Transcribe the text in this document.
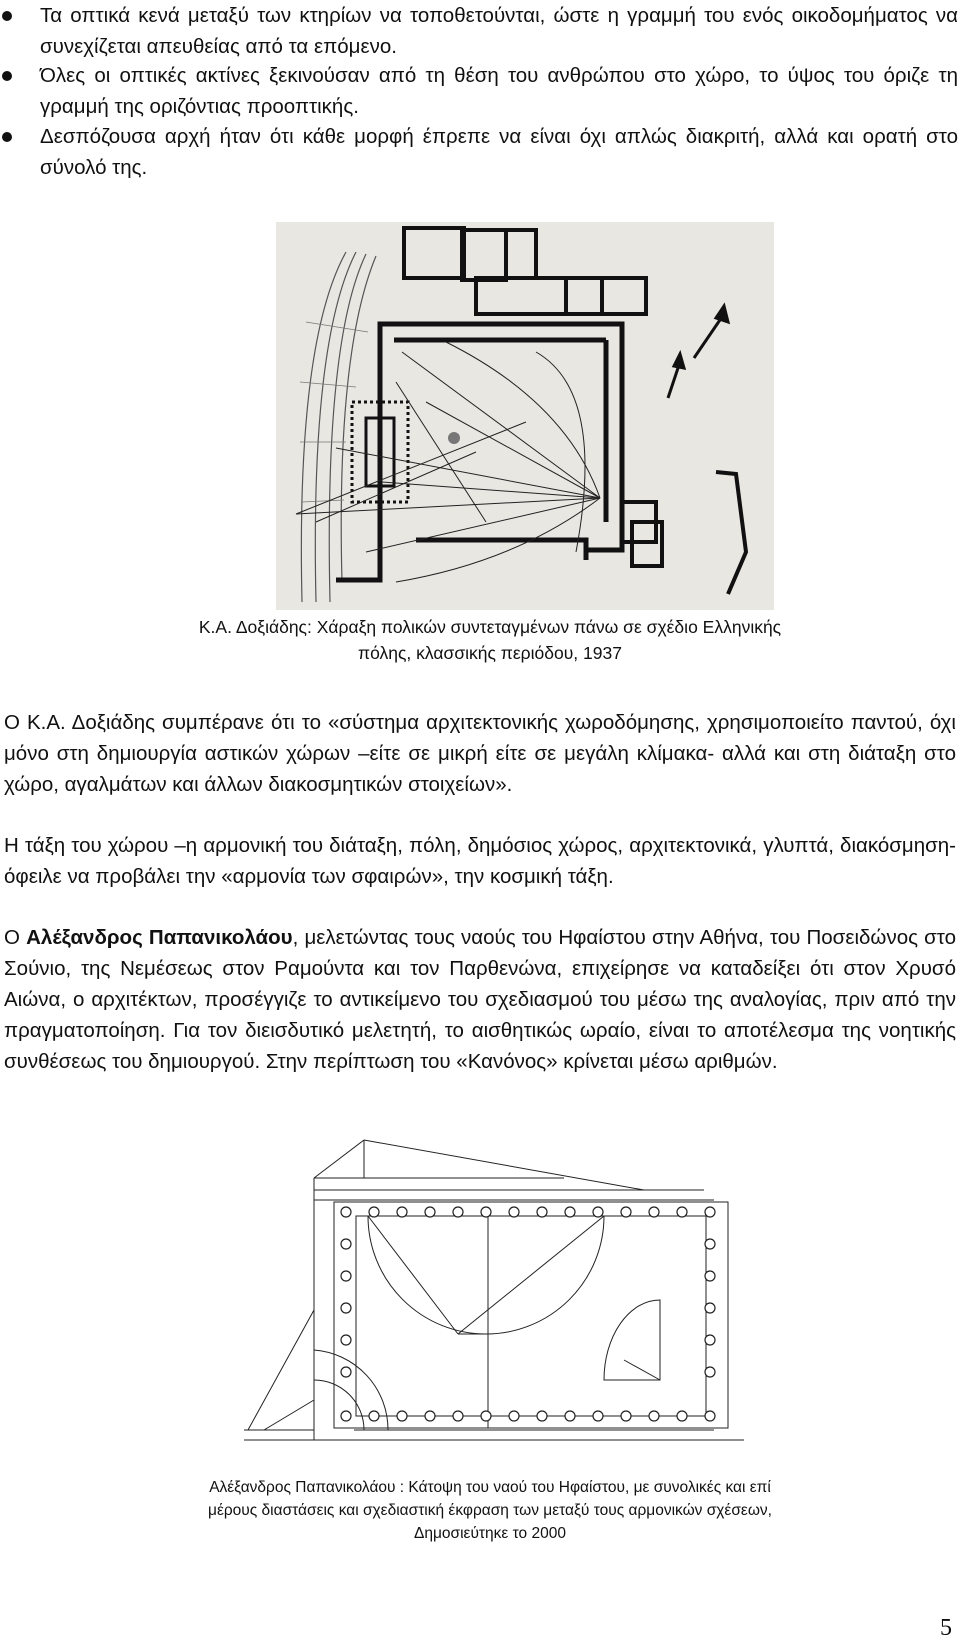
Τα οπτικά κενά μεταξύ των κτηρίων να τοποθετούνται, ώστε η γραμμή του ενός οικοδομήματος να συνεχίζεται απευθείας από τα επόμενο.
Όλες οι οπτικές ακτίνες ξεκινούσαν από τη θέση του ανθρώπου στο χώρο, το ύψος του όριζε τη γραμμή της οριζόντιας προοπτικής.
Δεσπόζουσα αρχή ήταν ότι κάθε μορφή έπρεπε να είναι όχι απλώς διακριτή, αλλά και ορατή στο σύνολό της.
Κ.Α. Δοξιάδης: Χάραξη πολικών συντεταγμένων πάνω σε σχέδιο Ελληνικής
πόλης, κλασσικής περιόδου, 1937
Ο Κ.Α. Δοξιάδης συμπέρανε ότι το «σύστημα αρχιτεκτονικής χωροδόμησης, χρησιμοποιείτο παντού, όχι μόνο στη δημιουργία αστικών χώρων –είτε σε μικρή είτε σε μεγάλη κλίμακα- αλλά και στη διάταξη στο χώρο, αγαλμάτων και άλλων διακοσμητικών στοιχείων».
Η τάξη του χώρου –η αρμονική του διάταξη, πόλη, δημόσιος χώρος, αρχιτεκτονικά, γλυπτά, διακόσμηση- όφειλε να προβάλει την «αρμονία των σφαιρών», την κοσμική τάξη.
Ο Αλέξανδρος Παπανικολάου, μελετώντας τους ναούς του Ηφαίστου στην Αθήνα, του Ποσειδώνος στο Σούνιο, της Νεμέσεως στον Ραμούντα και τον Παρθενώνα, επιχείρησε να καταδείξει ότι στον Χρυσό Αιώνα, ο αρχιτέκτων, προσέγγιζε το αντικείμενο του σχεδιασμού του μέσω της αναλογίας, πριν από την πραγματοποίηση. Για τον διεισδυτικό μελετητή, το αισθητικώς ωραίο, είναι το αποτέλεσμα της νοητικής συνθέσεως του δημιουργού. Στην περίπτωση του «Κανόνος» κρίνεται μέσω αριθμών.
Αλέξανδρος Παπανικολάου : Κάτοψη του ναού του Ηφαίστου, με συνολικές και επί
μέρους διαστάσεις και σχεδιαστική έκφραση των μεταξύ τους αρμονικών σχέσεων,
Δημοσιεύτηκε το 2000
5
